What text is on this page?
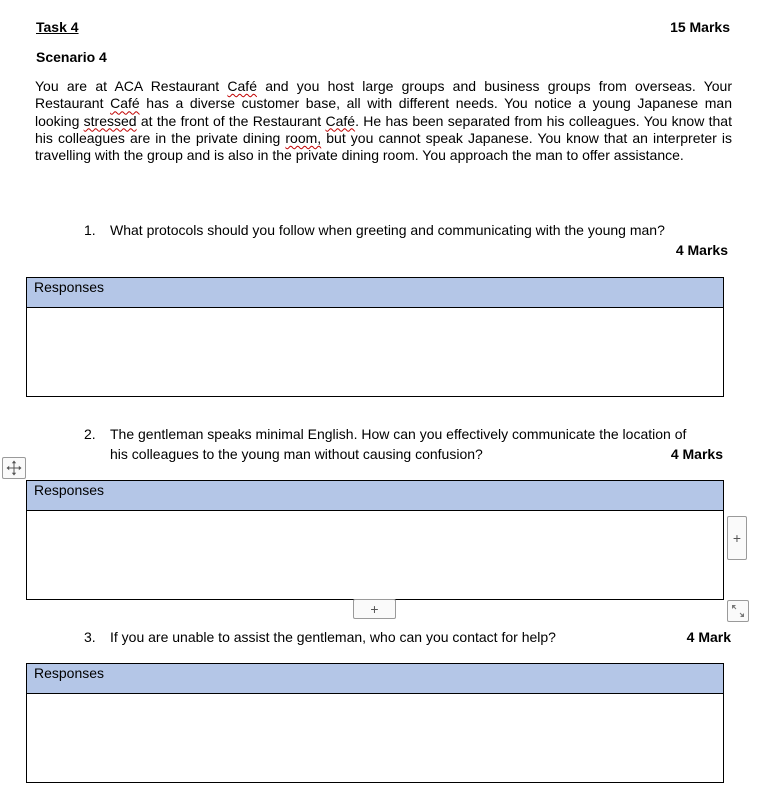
Task 4	15 Marks
Scenario 4
You are at ACA Restaurant Café and you host large groups and business groups from overseas. Your Restaurant Café has a diverse customer base, all with different needs. You notice a young Japanese man looking stressed at the front of the Restaurant Café. He has been separated from his colleagues. You know that his colleagues are in the private dining room, but you cannot speak Japanese. You know that an interpreter is travelling with the group and is also in the private dining room. You approach the man to offer assistance.
1. What protocols should you follow when greeting and communicating with the young man?
4 Marks
Responses
2. The gentleman speaks minimal English. How can you effectively communicate the location of
his colleagues to the young man without causing confusion?	4 Marks
Responses
+
+
3. If you are unable to assist the gentleman, who can you contact for help?	4 Mark
Responses
